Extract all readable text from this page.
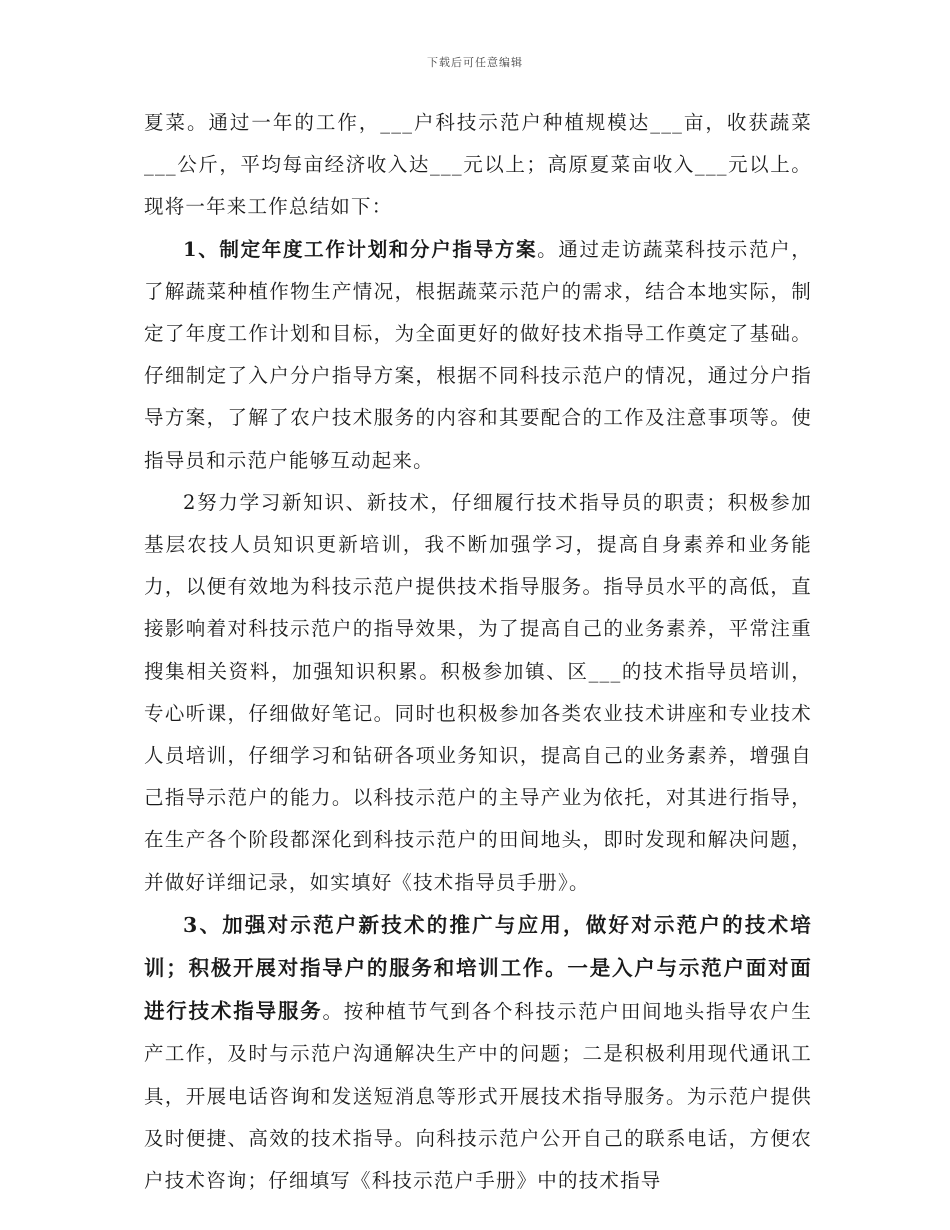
下载后可任意编辑

夏菜。通过一年的工作，___户科技示范户种植规模达___亩，收获蔬菜___公斤，平均每亩经济收入达___元以上；高原夏菜亩收入___元以上。现将一年来工作总结如下：

1、制定年度工作计划和分户指导方案。通过走访蔬菜科技示范户，了解蔬菜种植作物生产情况，根据蔬菜示范户的需求，结合本地实际，制定了年度工作计划和目标，为全面更好的做好技术指导工作奠定了基础。仔细制定了入户分户指导方案，根据不同科技示范户的情况，通过分户指导方案，了解了农户技术服务的内容和其要配合的工作及注意事项等。使指导员和示范户能够互动起来。

2努力学习新知识、新技术，仔细履行技术指导员的职责；积极参加基层农技人员知识更新培训，我不断加强学习，提高自身素养和业务能力，以便有效地为科技示范户提供技术指导服务。指导员水平的高低，直接影响着对科技示范户的指导效果，为了提高自己的业务素养，平常注重搜集相关资料，加强知识积累。积极参加镇、区___的技术指导员培训，专心听课，仔细做好笔记。同时也积极参加各类农业技术讲座和专业技术人员培训，仔细学习和钻研各项业务知识，提高自己的业务素养，增强自己指导示范户的能力。以科技示范户的主导产业为依托，对其进行指导，在生产各个阶段都深化到科技示范户的田间地头，即时发现和解决问题，并做好详细记录，如实填好《技术指导员手册》。

3、加强对示范户新技术的推广与应用，做好对示范户的技术培训；积极开展对指导户的服务和培训工作。一是入户与示范户面对面进行技术指导服务。按种植节气到各个科技示范户田间地头指导农户生产工作，及时与示范户沟通解决生产中的问题；二是积极利用现代通讯工具，开展电话咨询和发送短消息等形式开展技术指导服务。为示范户提供及时便捷、高效的技术指导。向科技示范户公开自己的联系电话，方便农户技术咨询；仔细填写《科技示范户手册》中的技术指导
